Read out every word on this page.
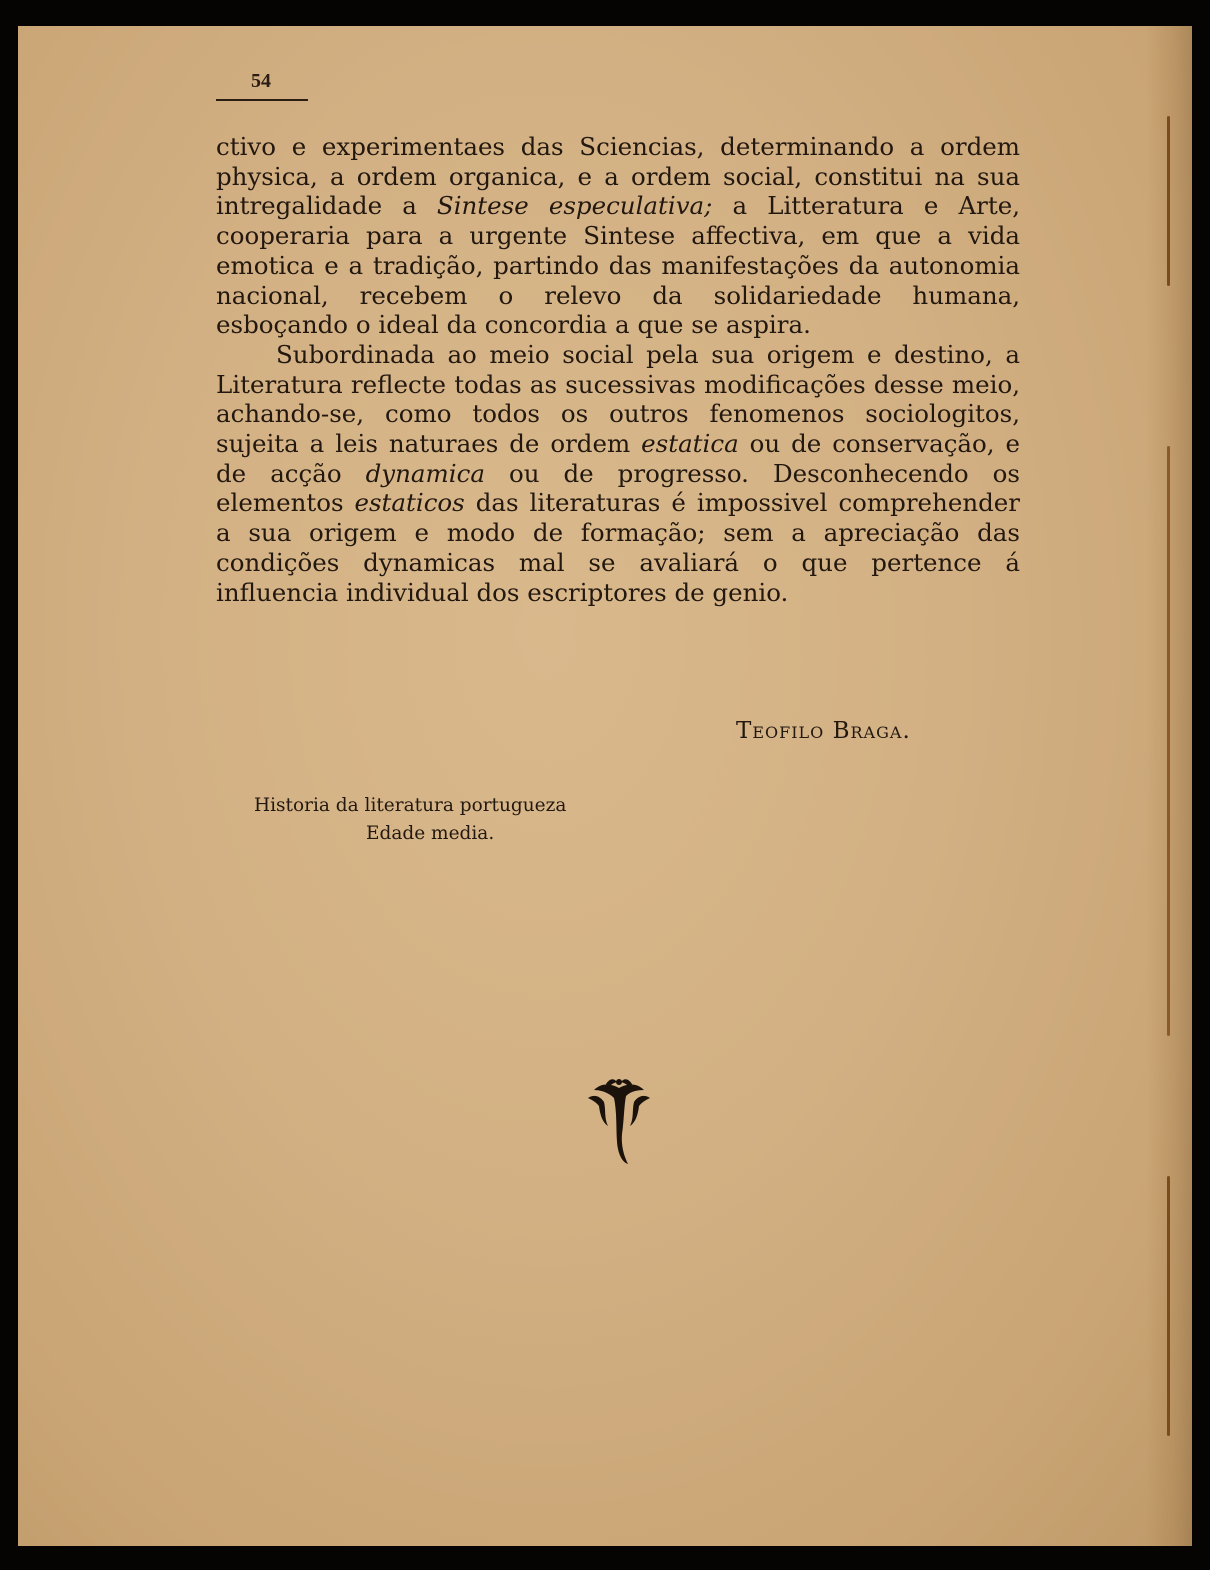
54

ctivo e experimentaes das Sciencias, determinando a ordem physica, a ordem organica, e a ordem social, constitui na sua intregalidade a Sintese especulativa; a Litteratura e Arte, cooperaria para a urgente Sintese affectiva, em que a vida emotica e a tradição, partindo das manifestações da autonomia nacional, recebem o relevo da solidariedade humana, esboçando o ideal da concordia a que se aspira.

Subordinada ao meio social pela sua origem e destino, a Literatura reflecte todas as sucessivas modificações desse meio, achando-se, como todos os outros fenomenos sociologitos, sujeita a leis naturaes de ordem estatica ou de conservação, e de acção dynamica ou de progresso. Desconhecendo os elementos estaticos das literaturas é impossivel comprehender a sua origem e modo de formação; sem a apreciação das condições dynamicas mal se avaliará o que pertence á influencia individual dos escriptores de genio.

Teofilo Braga.
Historia da literatura portugueza
Edade media.
